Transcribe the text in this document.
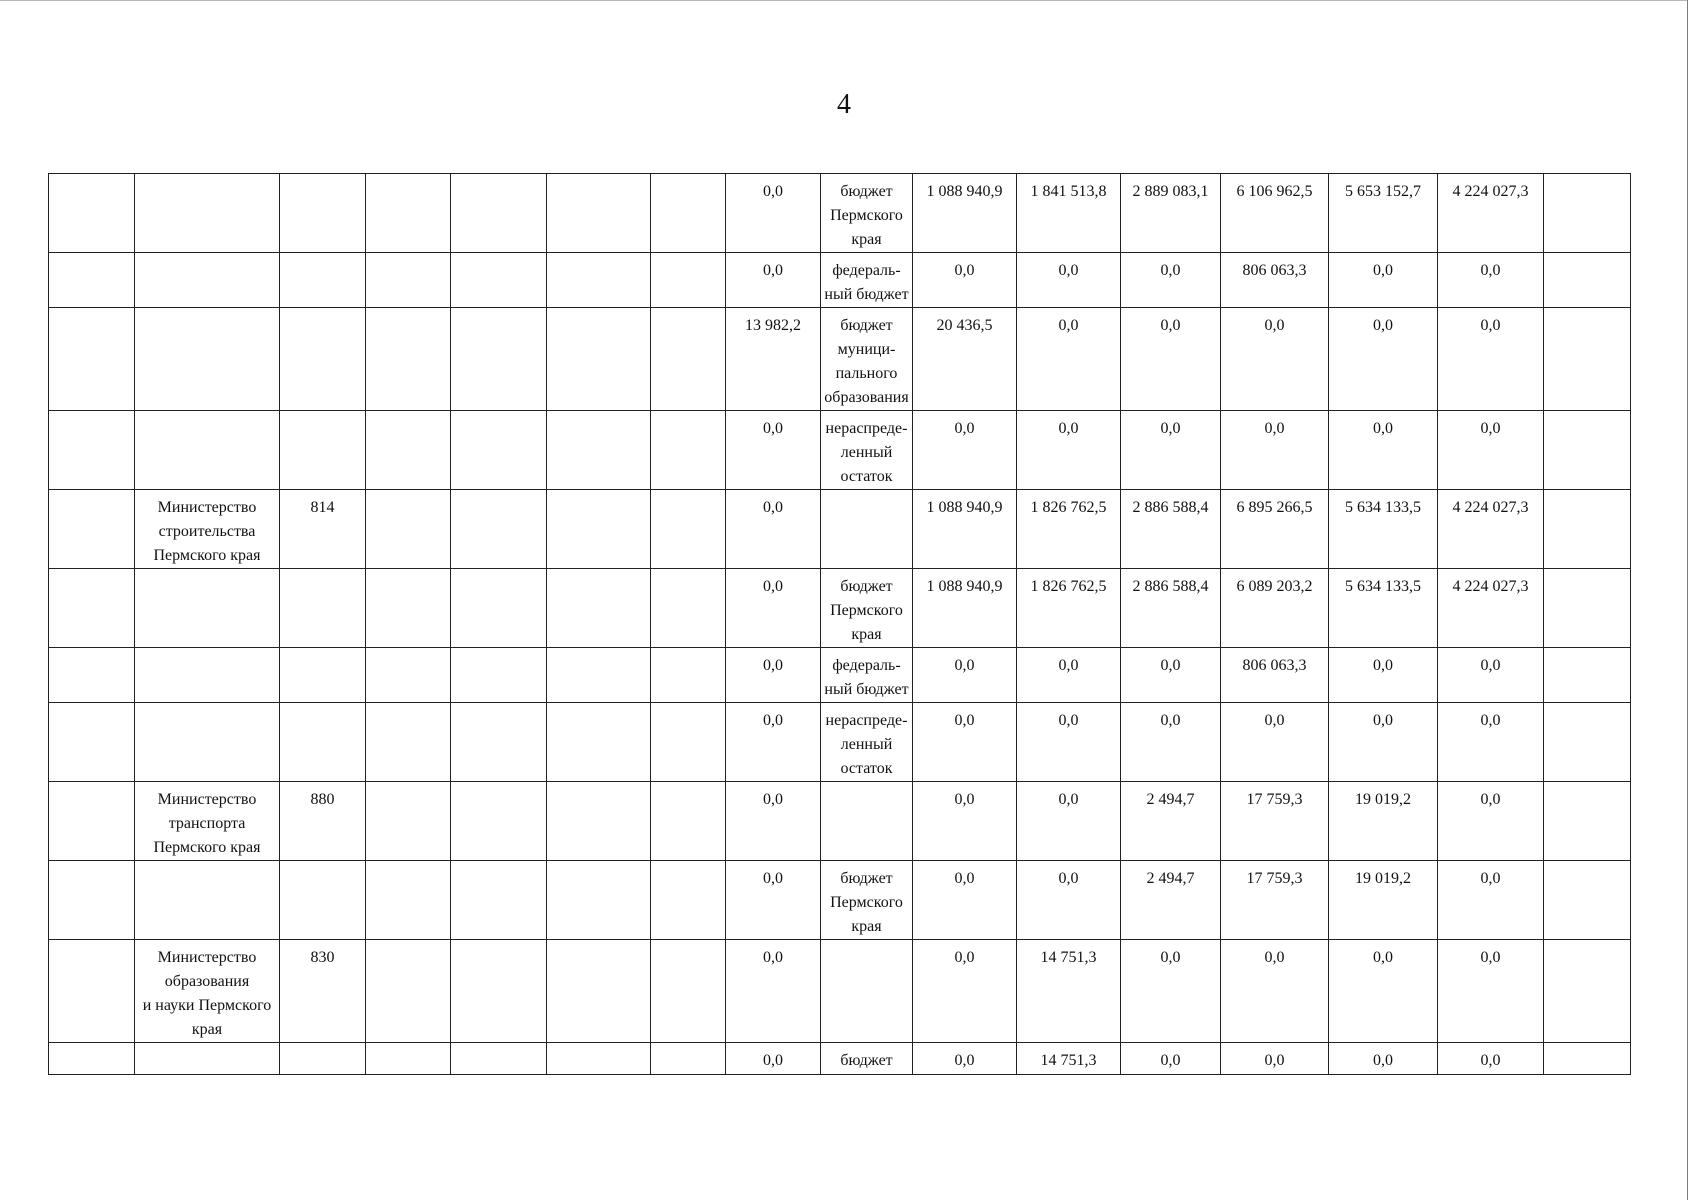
4
							0,0	бюджет
Пермского
края	1 088 940,9	1 841 513,8	2 889 083,1	6 106 962,5	5 653 152,7	4 224 027,3	
							0,0	федераль-
ный бюджет	0,0	0,0	0,0	806 063,3	0,0	0,0	
							13 982,2	бюджет
муници-
пального
образования	20 436,5	0,0	0,0	0,0	0,0	0,0	
							0,0	нераспреде-
ленный
остаток	0,0	0,0	0,0	0,0	0,0	0,0	
	Министерство
строительства
Пермского края	814					0,0		1 088 940,9	1 826 762,5	2 886 588,4	6 895 266,5	5 634 133,5	4 224 027,3	
							0,0	бюджет
Пермского
края	1 088 940,9	1 826 762,5	2 886 588,4	6 089 203,2	5 634 133,5	4 224 027,3	
							0,0	федераль-
ный бюджет	0,0	0,0	0,0	806 063,3	0,0	0,0	
							0,0	нераспреде-
ленный
остаток	0,0	0,0	0,0	0,0	0,0	0,0	
	Министерство
транспорта
Пермского края	880					0,0		0,0	0,0	2 494,7	17 759,3	19 019,2	0,0	
							0,0	бюджет
Пермского
края	0,0	0,0	2 494,7	17 759,3	19 019,2	0,0	
	Министерство
образования
и науки Пермского
края	830					0,0		0,0	14 751,3	0,0	0,0	0,0	0,0	
							0,0	бюджет	0,0	14 751,3	0,0	0,0	0,0	0,0	
